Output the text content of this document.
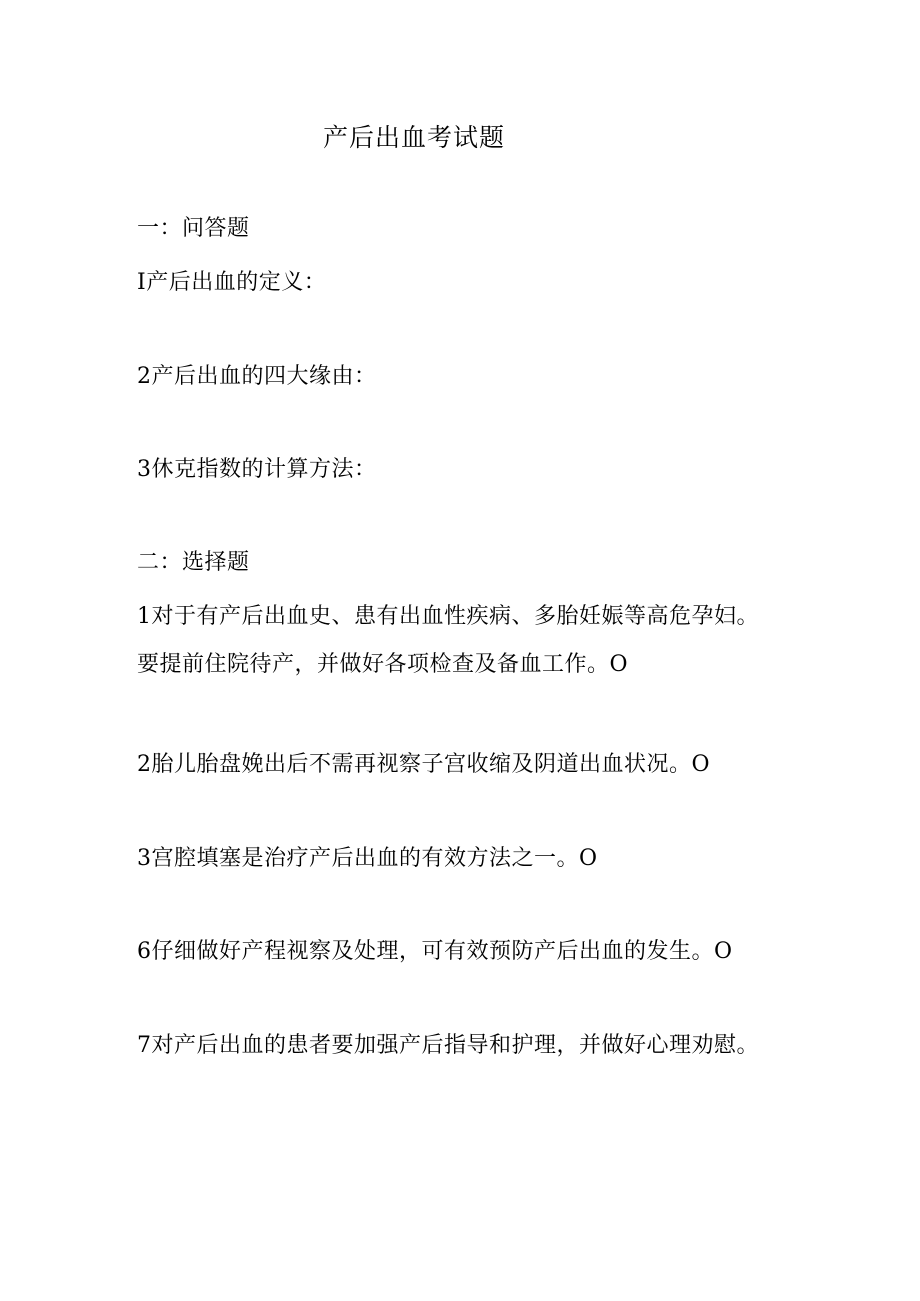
产后出血考试题
一：问答题
I产后出血的定义：
2产后出血的四大缘由：
3休克指数的计算方法：
二：选择题
1对于有产后出血史、患有出血性疾病、多胎妊娠等高危孕妇。
要提前住院待产，并做好各项检查及备血工作。O
2胎儿胎盘娩出后不需再视察子宫收缩及阴道出血状况。O
3宫腔填塞是治疗产后出血的有效方法之一。O
6仔细做好产程视察及处理，可有效预防产后出血的发生。O
7对产后出血的患者要加强产后指导和护理，并做好心理劝慰。
